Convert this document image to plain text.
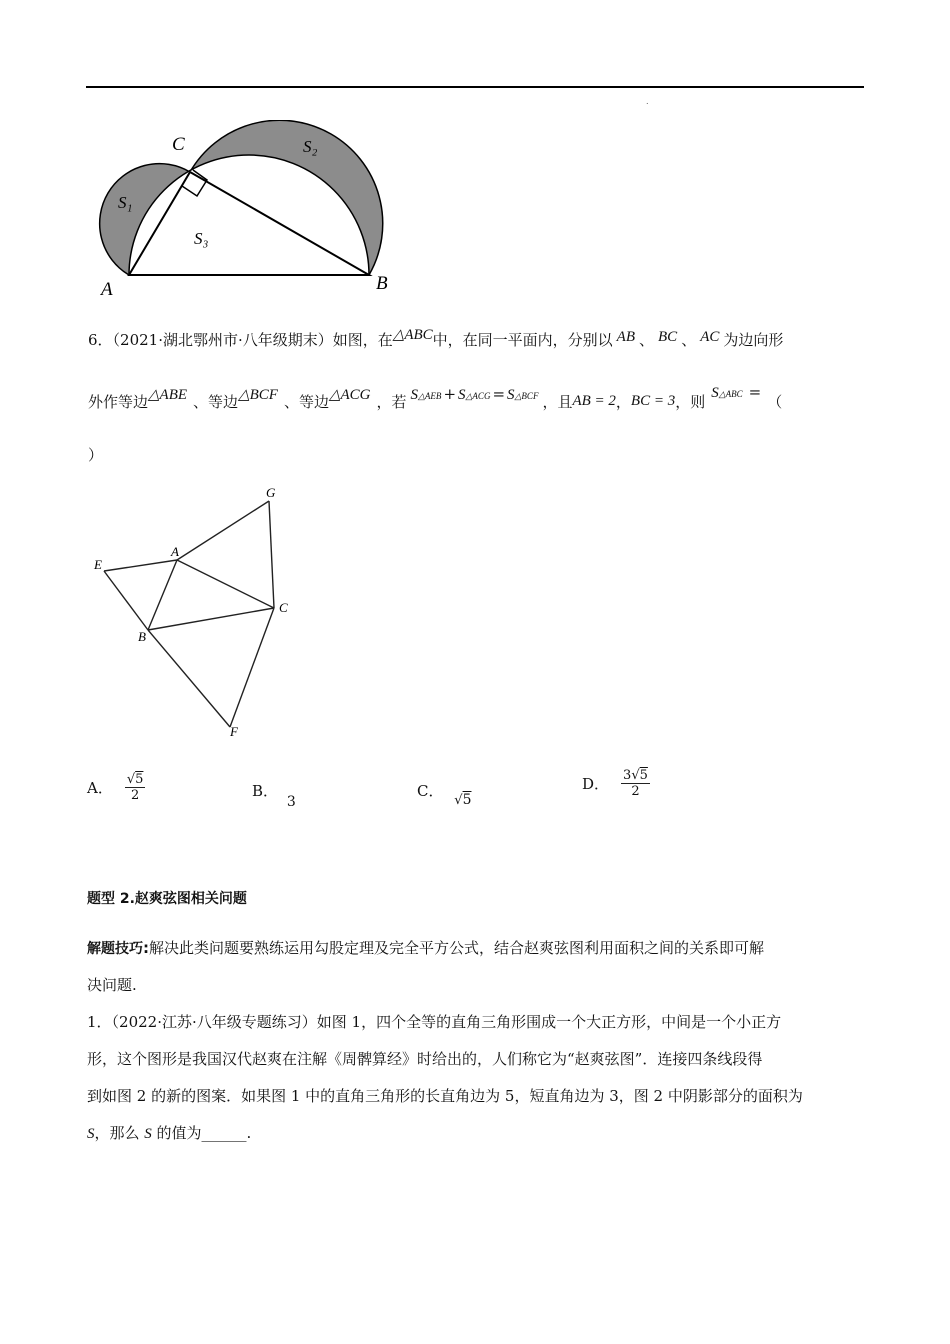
.
A	B
C
S₁
S₂
S₃
6．（2021·湖北鄂州市·八年级期末）如图，在△ABC中，在同一平面内，分别以 AB 、 BC 、 AC 为边向形
外作等边△ABE 、等边△BCF 、等边△ACG ，若 S△AEB + S△ACG = S△BCF ，且AB = 2，BC = 3，则 S△ABC =（
）
G
A
E
C
B
F
A． $\frac{√5}{2}$	B． 3
C． √5
D． $\frac{3√5}{2}$
题型 2.赵爽弦图相关问题
解题技巧:解决此类问题要熟练运用勾股定理及完全平方公式，结合赵爽弦图利用面积之间的关系即可解
决问题.
1．（2022·江苏·八年级专题练习）如图 1，四个全等的直角三角形围成一个大正方形，中间是一个小正方
形，这个图形是我国汉代赵爽在注解《周髀算经》时给出的，人们称它为“赵爽弦图”．连接四条线段得
到如图 2 的新的图案．如果图 1 中的直角三角形的长直角边为 5，短直角边为 3，图 2 中阴影部分的面积为
S，那么 S 的值为______.
